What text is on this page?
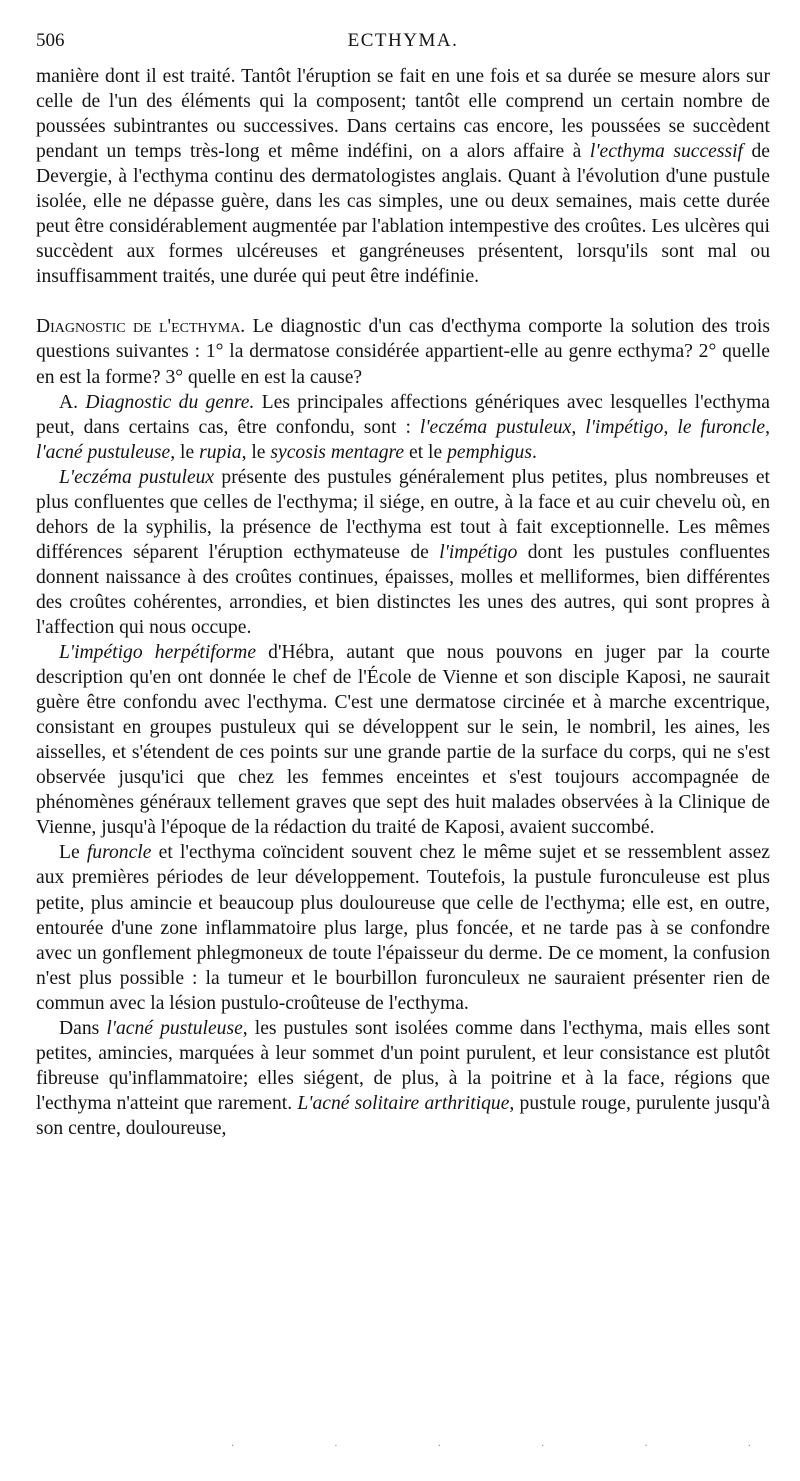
506	ECTHYMA.

manière dont il est traité. Tantôt l'éruption se fait en une fois et sa durée se mesure alors sur celle de l'un des éléments qui la composent; tantôt elle comprend un certain nombre de poussées subintrantes ou successives. Dans certains cas encore, les poussées se succèdent pendant un temps très-long et même indéfini, on a alors affaire à l'ecthyma successif de Devergie, à l'ecthyma continu des dermatologistes anglais. Quant à l'évolution d'une pustule isolée, elle ne dépasse guère, dans les cas simples, une ou deux semaines, mais cette durée peut être considérablement augmentée par l'ablation intempestive des croûtes. Les ulcères qui succèdent aux formes ulcéreuses et gangréneuses présentent, lorsqu'ils sont mal ou insuffisamment traités, une durée qui peut être indéfinie.

Diagnostic de l'ecthyma. Le diagnostic d'un cas d'ecthyma comporte la solution des trois questions suivantes : 1° la dermatose considérée appartient-elle au genre ecthyma? 2° quelle en est la forme? 3° quelle en est la cause?

A. Diagnostic du genre. Les principales affections génériques avec lesquelles l'ecthyma peut, dans certains cas, être confondu, sont : l'eczéma pustuleux, l'impétigo, le furoncle, l'acné pustuleuse, le rupia, le sycosis mentagre et le pemphigus.

L'eczéma pustuleux présente des pustules généralement plus petites, plus nombreuses et plus confluentes que celles de l'ecthyma; il siége, en outre, à la face et au cuir chevelu où, en dehors de la syphilis, la présence de l'ecthyma est tout à fait exceptionnelle. Les mêmes différences séparent l'éruption ecthymateuse de l'impétigo dont les pustules confluentes donnent naissance à des croûtes continues, épaisses, molles et melliformes, bien différentes des croûtes cohérentes, arrondies, et bien distinctes les unes des autres, qui sont propres à l'affection qui nous occupe.

L'impétigo herpétiforme d'Hébra, autant que nous pouvons en juger par la courte description qu'en ont donnée le chef de l'École de Vienne et son disciple Kaposi, ne saurait guère être confondu avec l'ecthyma. C'est une dermatose circinée et à marche excentrique, consistant en groupes pustuleux qui se développent sur le sein, le nombril, les aines, les aisselles, et s'étendent de ces points sur une grande partie de la surface du corps, qui ne s'est observée jusqu'ici que chez les femmes enceintes et s'est toujours accompagnée de phénomènes généraux tellement graves que sept des huit malades observées à la Clinique de Vienne, jusqu'à l'époque de la rédaction du traité de Kaposi, avaient succombé.

Le furoncle et l'ecthyma coïncident souvent chez le même sujet et se ressemblent assez aux premières périodes de leur développement. Toutefois, la pustule furonculeuse est plus petite, plus amincie et beaucoup plus douloureuse que celle de l'ecthyma; elle est, en outre, entourée d'une zone inflammatoire plus large, plus foncée, et ne tarde pas à se confondre avec un gonflement phlegmoneux de toute l'épaisseur du derme. De ce moment, la confusion n'est plus possible : la tumeur et le bourbillon furonculeux ne sauraient présenter rien de commun avec la lésion pustulo-croûteuse de l'ecthyma.

Dans l'acné pustuleuse, les pustules sont isolées comme dans l'ecthyma, mais elles sont petites, amincies, marquées à leur sommet d'un point purulent, et leur consistance est plutôt fibreuse qu'inflammatoire; elles siégent, de plus, à la poitrine et à la face, régions que l'ecthyma n'atteint que rarement. L'acné solitaire arthritique, pustule rouge, purulente jusqu'à son centre, douloureuse,

·	·	·	·	·	·
